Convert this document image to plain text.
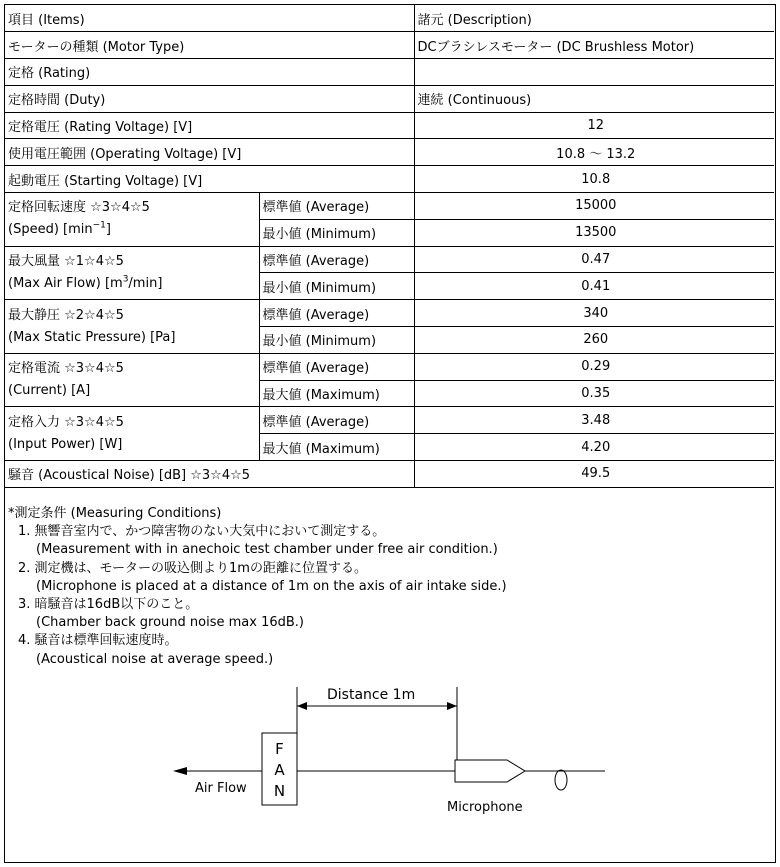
項目 (Items)		諸元 (Description)
モーターの種類 (Motor Type)		DCブラシレスモーター (DC Brushless Motor)
定格 (Rating)		
定格時間 (Duty)		連続 (Continuous)
定格電圧 (Rating Voltage) [V]		12
使用電圧範囲 (Operating Voltage) [V]		10.8 〜 13.2
起動電圧 (Starting Voltage) [V]		10.8

定格回転速度 ☆3☆4☆5
(Speed) $[\min^{-1}]$	標準値 (Average)	15000
	最小値 (Minimum)	13500

最大風量 ☆1☆4☆5
(Max Air Flow) $[m^3/\min]$	標準値 (Average)	0.47
	最小値 (Minimum)	0.41

最大静圧 ☆2☆4☆5
(Max Static Pressure) [Pa]	標準値 (Average)	340
	最小値 (Minimum)	260

定格電流 ☆3☆4☆5
(Current) [A]	標準値 (Average)	0.29
	最大値 (Maximum)	0.35

定格入力 ☆3☆4☆5
(Input Power) [W]	標準値 (Average)	3.48
	最大値 (Maximum)	4.20
騒音 (Acoustical Noise) [dB] ☆3☆4☆5		49.5
*測定条件 (Measuring Conditions)
1. 無響音室内で、かつ障害物のない大気中において測定する。
(Measurement with in anechoic test chamber under free air condition.)
2. 測定機は、モーターの吸込側より1mの距離に位置する。
(Microphone is placed at a distance of 1m on the axis of air intake side.)
3. 暗騒音は16dB以下のこと。
(Chamber back ground noise max 16dB.)
4. 騒音は標準回転速度時。
(Acoustical noise at average speed.)
Distance 1m
Air Flow
F
A
N
Microphone
